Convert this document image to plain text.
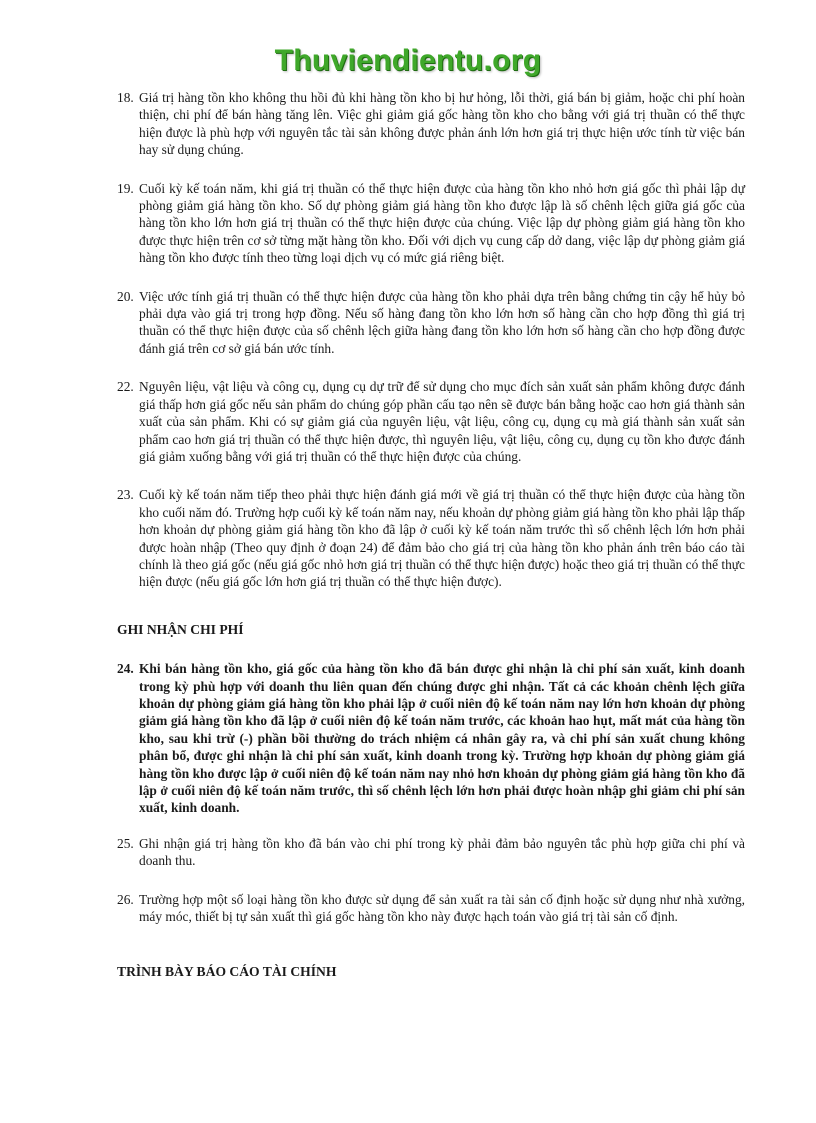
Thuviendientu.org
18. Giá trị hàng tồn kho không thu hồi đủ khi hàng tồn kho bị hư hỏng, lỗi thời, giá bán bị giảm, hoặc chi phí hoàn thiện, chi phí để bán hàng tăng lên. Việc ghi giảm giá gốc hàng tồn kho cho bằng với giá trị thuần có thể thực hiện được là phù hợp với nguyên tắc tài sản không được phản ánh lớn hơn giá trị thực hiện ước tính từ việc bán hay sử dụng chúng.
19. Cuối kỳ kế toán năm, khi giá trị thuần có thể thực hiện được của hàng tồn kho nhỏ hơn giá gốc thì phải lập dự phòng giảm giá hàng tồn kho. Số dự phòng giảm giá hàng tồn kho được lập là số chênh lệch giữa giá gốc của hàng tồn kho lớn hơn giá trị thuần có thể thực hiện được của chúng. Việc lập dự phòng giảm giá hàng tồn kho được thực hiện trên cơ sở từng mặt hàng tồn kho. Đối với dịch vụ cung cấp dở dang, việc lập dự phòng giảm giá hàng tồn kho được tính theo từng loại dịch vụ có mức giá riêng biệt.
20. Việc ước tính giá trị thuần có thể thực hiện được của hàng tồn kho phải dựa trên bằng chứng tin cậy hể hủy bỏ phải dựa vào giá trị trong hợp đồng. Nếu số hàng đang tồn kho lớn hơn số hàng cần cho hợp đồng thì giá trị thuần có thể thực hiện được của số chênh lệch giữa hàng đang tồn kho lớn hơn số hàng cần cho hợp đồng được đánh giá trên cơ sở giá bán ước tính.
22. Nguyên liệu, vật liệu và công cụ, dụng cụ dự trữ để sử dụng cho mục đích sản xuất sản phẩm không được đánh giá thấp hơn giá gốc nếu sản phẩm do chúng góp phần cấu tạo nên sẽ được bán bằng hoặc cao hơn giá thành sản xuất của sản phẩm. Khi có sự giảm giá của nguyên liệu, vật liệu, công cụ, dụng cụ mà giá thành sản xuất sản phẩm cao hơn giá trị thuần có thể thực hiện được, thì nguyên liệu, vật liệu, công cụ, dụng cụ tồn kho được đánh giá giảm xuống bằng với giá trị thuần có thể thực hiện được của chúng.
23. Cuối kỳ kế toán năm tiếp theo phải thực hiện đánh giá mới về giá trị thuần có thể thực hiện được của hàng tồn kho cuối năm đó. Trường hợp cuối kỳ kế toán năm nay, nếu khoản dự phòng giảm giá hàng tồn kho phải lập thấp hơn khoản dự phòng giảm giá hàng tồn kho đã lập ở cuối kỳ kế toán năm trước thì số chênh lệch lớn hơn phải được hoàn nhập (Theo quy định ở đoạn 24) để đảm bảo cho giá trị của hàng tồn kho phản ánh trên báo cáo tài chính là theo giá gốc (nếu giá gốc nhỏ hơn giá trị thuần có thể thực hiện được) hoặc theo giá trị thuần có thể thực hiện được (nếu giá gốc lớn hơn giá trị thuần có thể thực hiện được).
GHI NHẬN CHI PHÍ
24. Khi bán hàng tồn kho, giá gốc của hàng tồn kho đã bán được ghi nhận là chi phí sản xuất, kinh doanh trong kỳ phù hợp với doanh thu liên quan đến chúng được ghi nhận. Tất cả các khoản chênh lệch giữa khoản dự phòng giảm giá hàng tồn kho phải lập ở cuối niên độ kế toán năm nay lớn hơn khoản dự phòng giảm giá hàng tồn kho đã lập ở cuối niên độ kế toán năm trước, các khoản hao hụt, mất mát của hàng tồn kho, sau khi trừ (-) phần bồi thường do trách nhiệm cá nhân gây ra, và chi phí sản xuất chung không phân bổ, được ghi nhận là chi phí sản xuất, kinh doanh trong kỳ. Trường hợp khoản dự phòng giảm giá hàng tồn kho được lập ở cuối niên độ kế toán năm nay nhỏ hơn khoản dự phòng giảm giá hàng tồn kho đã lập ở cuối niên độ kế toán năm trước, thì số chênh lệch lớn hơn phải được hoàn nhập ghi giảm chi phí sản xuất, kinh doanh.
25. Ghi nhận giá trị hàng tồn kho đã bán vào chi phí trong kỳ phải đảm bảo nguyên tắc phù hợp giữa chi phí và doanh thu.
26. Trường hợp một số loại hàng tồn kho được sử dụng để sản xuất ra tài sản cố định hoặc sử dụng như nhà xưởng, máy móc, thiết bị tự sản xuất thì giá gốc hàng tồn kho này được hạch toán vào giá trị tài sản cố định.
TRÌNH BÀY BÁO CÁO TÀI CHÍNH
